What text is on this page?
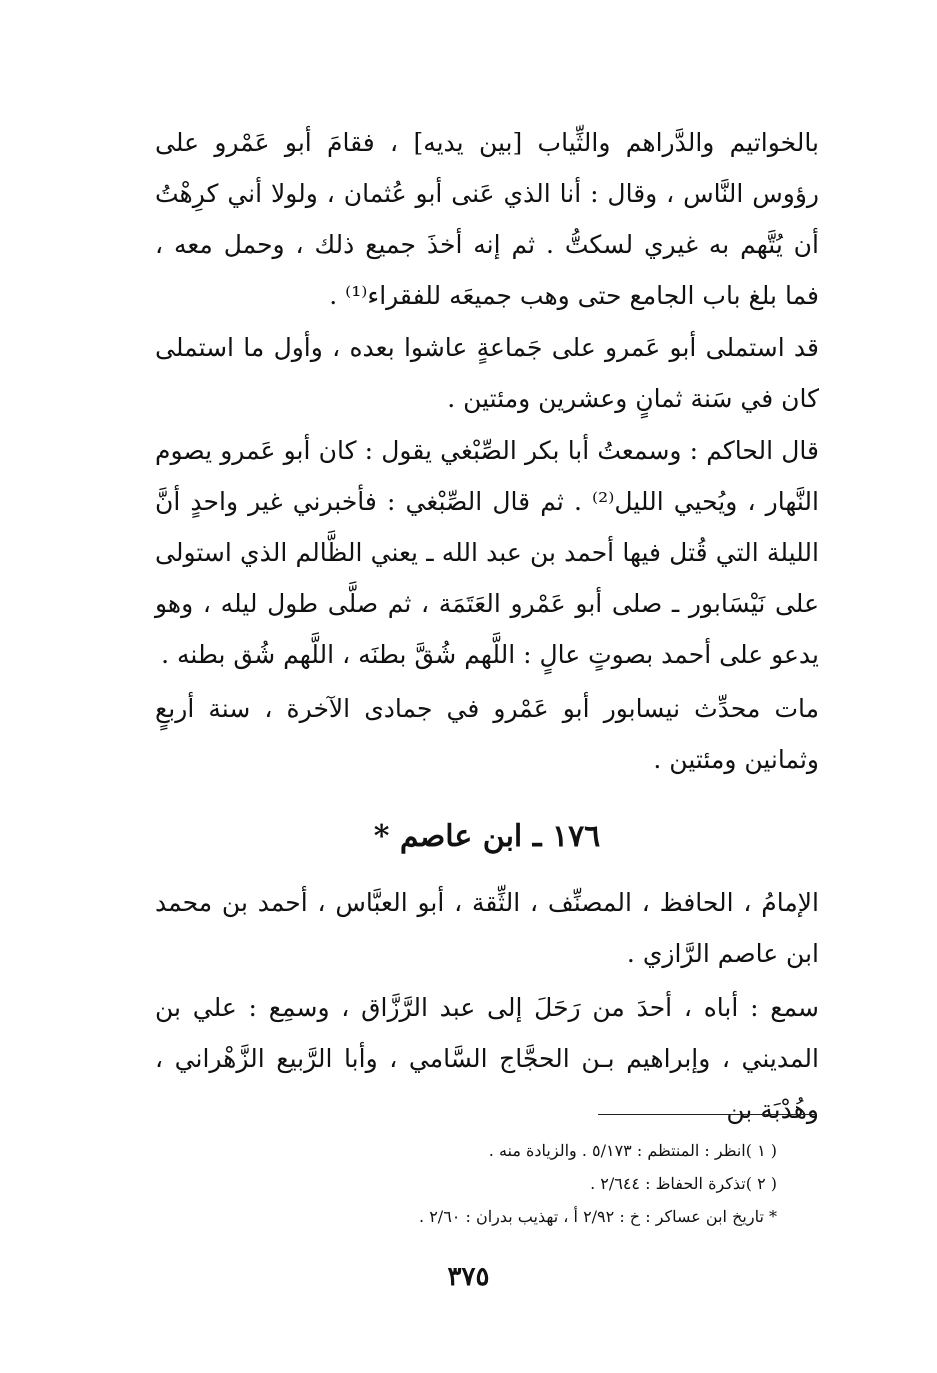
بالخواتيم والدَّراهم والثِّياب [بين يديه] ، فقامَ أبو عَمْرو على رؤوس النَّاس ، وقال : أنا الذي عَنى أبو عُثمان ، ولولا أني كرِهْتُ أن يُتَّهم به غيري لسكتُّ . ثم إنه أخذَ جميع ذلك ، وحمل معه ، فما بلغ باب الجامع حتى وهب جميعَه للفقراء⁽¹⁾ .

قد استملى أبو عَمرو على جَماعةٍ عاشوا بعده ، وأول ما استملى كان في سَنة ثمانٍ وعشرين ومئتين .

قال الحاكم : وسمعتُ أبا بكر الصِّبْغي يقول : كان أبو عَمرو يصوم النَّهار ، ويُحيي الليل⁽²⁾ . ثم قال الصِّبْغي : فأخبرني غير واحدٍ أنَّ الليلة التي قُتل فيها أحمد بن عبد الله ـ يعني الظَّالم الذي استولى على نَيْسَابور ـ صلى أبو عَمْرو العَتَمَة ، ثم صلَّى طول ليله ، وهو يدعو على أحمد بصوتٍ عالٍ : اللَّهم شُقَّ بطنَه ، اللَّهم شُق بطنه .

مات محدِّث نيسابور أبو عَمْرو في جمادى الآخرة ، سنة أربعٍ وثمانين ومئتين .

١٧٦ ـ ابن عاصم *

الإمامُ ، الحافظ ، المصنِّف ، الثِّقة ، أبو العبَّاس ، أحمد بن محمد ابن عاصم الرَّازي .

سمع : أباه ، أحدَ من رَحَلَ إلى عبد الرَّزَّاق ، وسمِع : علي بن المديني ، وإبراهيم بـن الحجَّاج السَّامي ، وأبا الرَّبيع الزَّهْراني ، وهُدْبَة بن

( ١ )انظر : المنتظم : ٥/١٧٣ . والزيادة منه .
( ٢ )تذكرة الحفاظ : ٢/٦٤٤ .
* تاريخ ابن عساكر : خ : ٢/٩٢ أ ، تهذيب بدران : ٢/٦٠ .
٣٧٥
